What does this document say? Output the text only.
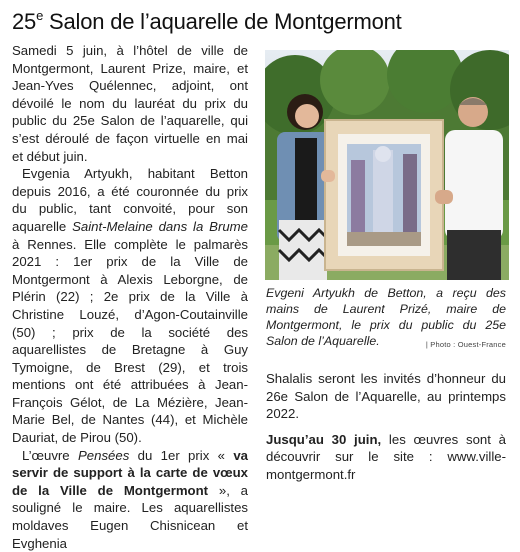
25e Salon de l’aquarelle de Montgermont

Samedi 5 juin, à l’hôtel de ville de Montgermont, Laurent Prize, maire, et Jean-Yves Quélennec, adjoint, ont dévoilé le nom du lauréat du prix du public du 25e Salon de l’aquarelle, qui s’est déroulé de façon virtuelle en mai et début juin.

Evgenia Artyukh, habitant Betton depuis 2016, a été couronnée du prix du public, tant convoité, pour son aquarelle Saint-Melaine dans la Brume à Rennes. Elle complète le palmarès 2021 : 1er prix de la Ville de Montgermont à Alexis Leborgne, de Plérin (22) ; 2e prix de la Ville à Christine Louzé, d’Agon-Coutainville (50) ; prix de la société des aquarellistes de Bretagne à Guy Tymoigne, de Brest (29), et trois mentions ont été attribuées à Jean-François Gélot, de La Mézière, Jean-Marie Bel, de Nantes (44), et Michèle Dauriat, de Pirou (50).

L’œuvre Pensées du 1er prix « va servir de support à la carte de vœux de la Ville de Montgermont », a souligné le maire. Les aquarellistes moldaves Eugen Chisnicean et Evghenia

Evgeni Artyukh de Betton, a reçu des mains de Laurent Prizé, maire de Montgermont, le prix du public du 25e Salon de l’Aquarelle.	| Photo : Ouest-France

Shalalis seront les invités d’honneur du 26e Salon de l’Aquarelle, au printemps 2022.

Jusqu’au 30 juin, les œuvres sont à découvrir sur le site : www.ville-montgermont.fr
